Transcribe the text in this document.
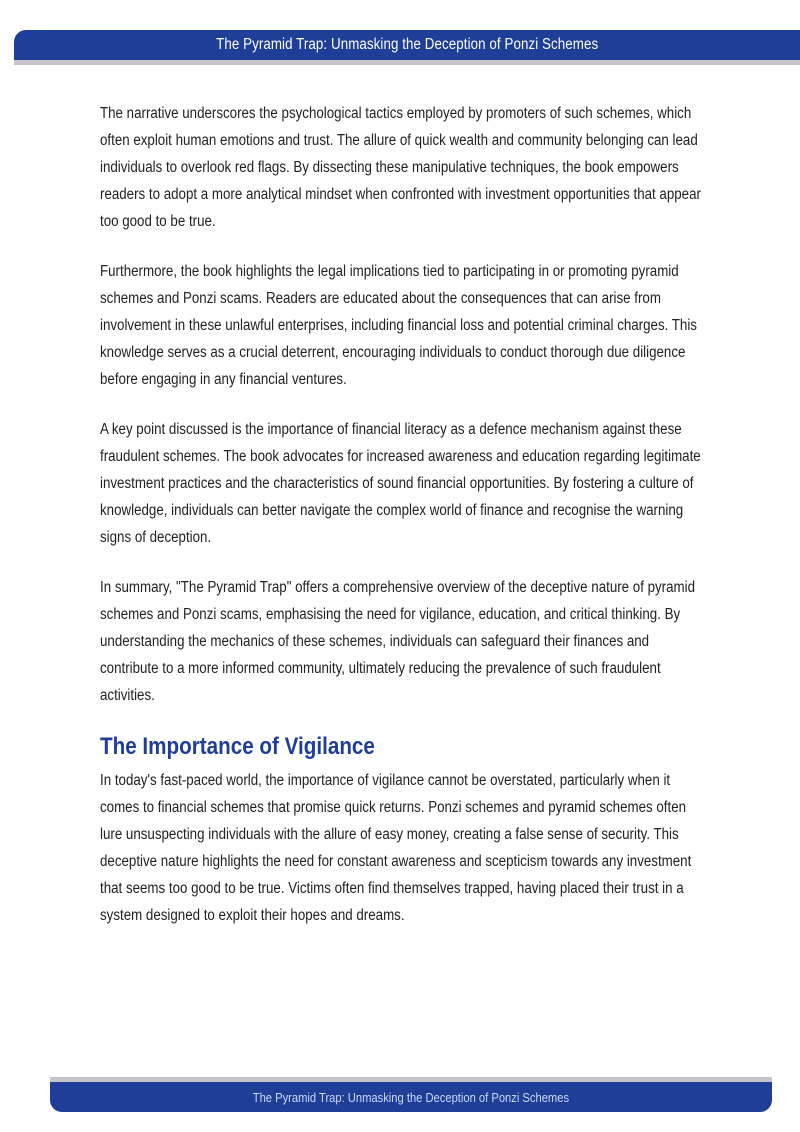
The Pyramid Trap: Unmasking the Deception of Ponzi Schemes

The narrative underscores the psychological tactics employed by promoters of such schemes, which often exploit human emotions and trust. The allure of quick wealth and community belonging can lead individuals to overlook red flags. By dissecting these manipulative techniques, the book empowers readers to adopt a more analytical mindset when confronted with investment opportunities that appear too good to be true.

Furthermore, the book highlights the legal implications tied to participating in or promoting pyramid schemes and Ponzi scams. Readers are educated about the consequences that can arise from involvement in these unlawful enterprises, including financial loss and potential criminal charges. This knowledge serves as a crucial deterrent, encouraging individuals to conduct thorough due diligence before engaging in any financial ventures.

A key point discussed is the importance of financial literacy as a defence mechanism against these fraudulent schemes. The book advocates for increased awareness and education regarding legitimate investment practices and the characteristics of sound financial opportunities. By fostering a culture of knowledge, individuals can better navigate the complex world of finance and recognise the warning signs of deception.

In summary, "The Pyramid Trap" offers a comprehensive overview of the deceptive nature of pyramid schemes and Ponzi scams, emphasising the need for vigilance, education, and critical thinking. By understanding the mechanics of these schemes, individuals can safeguard their finances and contribute to a more informed community, ultimately reducing the prevalence of such fraudulent activities.

The Importance of Vigilance

In today's fast-paced world, the importance of vigilance cannot be overstated, particularly when it comes to financial schemes that promise quick returns. Ponzi schemes and pyramid schemes often lure unsuspecting individuals with the allure of easy money, creating a false sense of security. This deceptive nature highlights the need for constant awareness and scepticism towards any investment that seems too good to be true. Victims often find themselves trapped, having placed their trust in a system designed to exploit their hopes and dreams.

The Pyramid Trap: Unmasking the Deception of Ponzi Schemes
